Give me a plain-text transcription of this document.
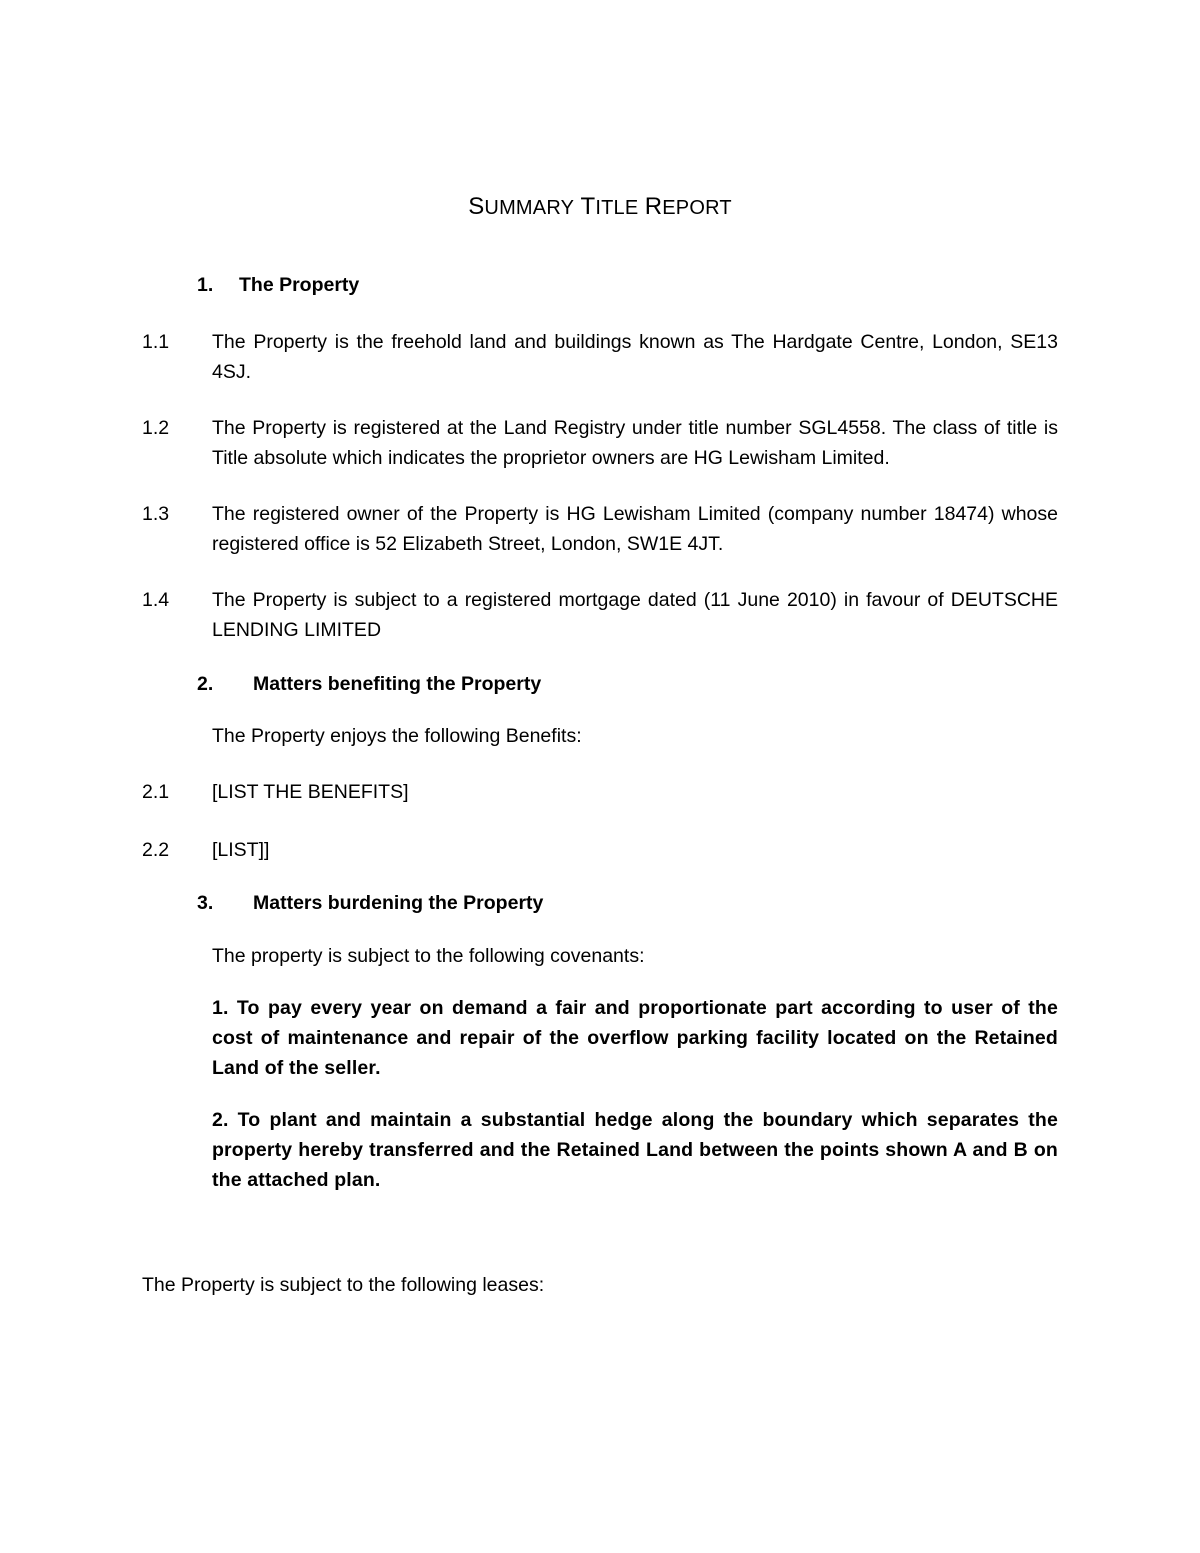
SUMMARY TITLE REPORT
1. The Property
1.1 The Property is the freehold land and buildings known as The Hardgate Centre, London, SE13 4SJ.
1.2 The Property is registered at the Land Registry under title number SGL4558. The class of title is Title absolute which indicates the proprietor owners are HG Lewisham Limited.
1.3 The registered owner of the Property is HG Lewisham Limited (company number 18474) whose registered office is 52 Elizabeth Street, London, SW1E 4JT.
1.4 The Property is subject to a registered mortgage dated (11 June 2010) in favour of DEUTSCHE LENDING LIMITED
2. Matters benefiting the Property
The Property enjoys the following Benefits:
2.1 [LIST THE BENEFITS]
2.2 [LIST]]
3. Matters burdening the Property
The property is subject to the following covenants:
1. To pay every year on demand a fair and proportionate part according to user of the cost of maintenance and repair of the overflow parking facility located on the Retained Land of the seller.
2. To plant and maintain a substantial hedge along the boundary which separates the property hereby transferred and the Retained Land between the points shown A and B on the attached plan.
The Property is subject to the following leases:
